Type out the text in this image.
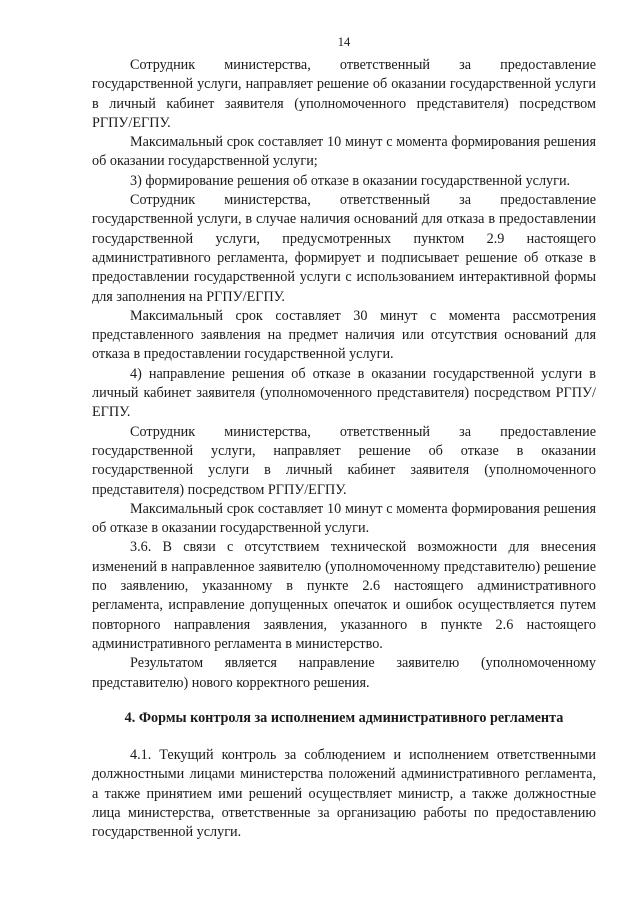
14

Сотрудник министерства, ответственный за предоставление государственной услуги, направляет решение об оказании государственной услуги в личный кабинет заявителя (уполномоченного представителя) посредством РГПУ/ЕГПУ.

Максимальный срок составляет 10 минут с момента формирования решения об оказании государственной услуги;

3) формирование решения об отказе в оказании государственной услуги.

Сотрудник министерства, ответственный за предоставление государственной услуги, в случае наличия оснований для отказа в предоставлении государственной услуги, предусмотренных пунктом 2.9 настоящего административного регламента, формирует и подписывает решение об отказе в предоставлении государственной услуги с использованием интерактивной формы для заполнения на РГПУ/ЕГПУ.

Максимальный срок составляет 30 минут с момента рассмотрения представленного заявления на предмет наличия или отсутствия оснований для отказа в предоставлении государственной услуги.

4) направление решения об отказе в оказании государственной услуги в личный кабинет заявителя (уполномоченного представителя) посредством РГПУ/ЕГПУ.

Сотрудник министерства, ответственный за предоставление государственной услуги, направляет решение об отказе в оказании государственной услуги в личный кабинет заявителя (уполномоченного представителя) посредством РГПУ/ЕГПУ.

Максимальный срок составляет 10 минут с момента формирования решения об отказе в оказании государственной услуги.

3.6. В связи с отсутствием технической возможности для внесения изменений в направленное заявителю (уполномоченному представителю) решение по заявлению, указанному в пункте 2.6 настоящего административного регламента, исправление допущенных опечаток и ошибок осуществляется путем повторного направления заявления, указанного в пункте 2.6 настоящего административного регламента в министерство.

Результатом является направление заявителю (уполномоченному представителю) нового корректного решения.

4. Формы контроля за исполнением административного регламента

4.1. Текущий контроль за соблюдением и исполнением ответственными должностными лицами министерства положений административного регламента, а также принятием ими решений осуществляет министр, а также должностные лица министерства, ответственные за организацию работы по предоставлению государственной услуги.
